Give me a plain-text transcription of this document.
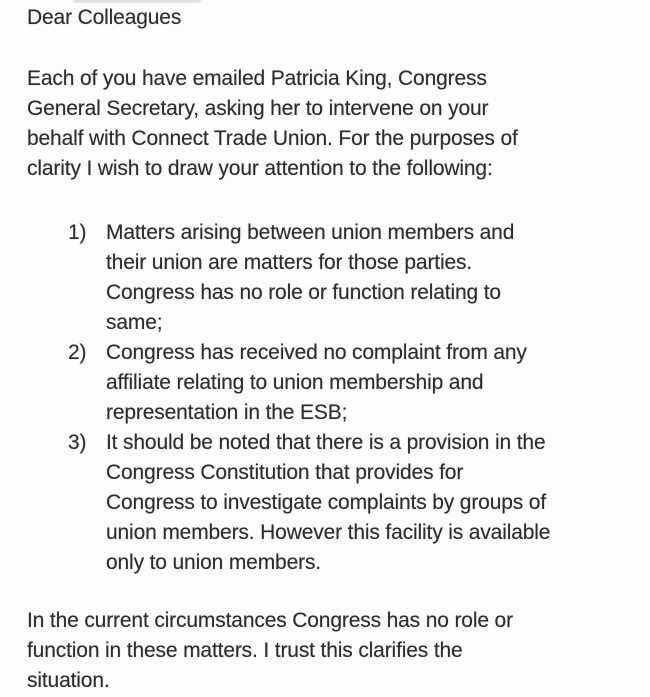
Dear Colleagues
Each of you have emailed Patricia King, Congress
General Secretary, asking her to intervene on your
behalf with Connect Trade Union. For the purposes of
clarity I wish to draw your attention to the following:
1) Matters arising between union members and
their union are matters for those parties.
Congress has no role or function relating to
same;
2) Congress has received no complaint from any
affiliate relating to union membership and
representation in the ESB;
3) It should be noted that there is a provision in the
Congress Constitution that provides for
Congress to investigate complaints by groups of
union members. However this facility is available
only to union members.
In the current circumstances Congress has no role or
function in these matters. I trust this clarifies the
situation.
